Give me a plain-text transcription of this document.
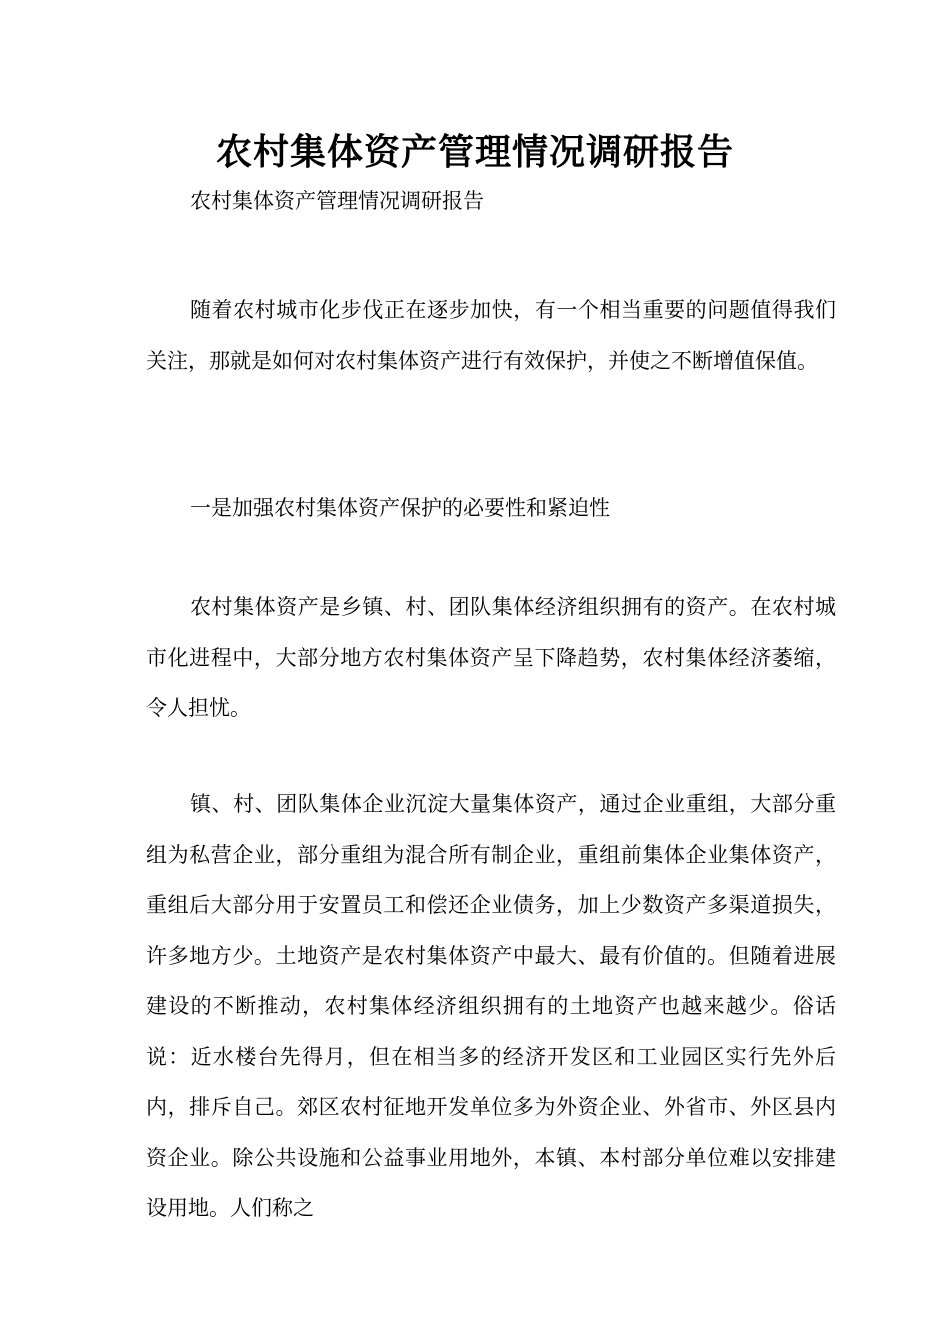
农村集体资产管理情况调研报告

农村集体资产管理情况调研报告

随着农村城市化步伐正在逐步加快，有一个相当重要的问题值得我们关注，那就是如何对农村集体资产进行有效保护，并使之不断增值保值。

一是加强农村集体资产保护的必要性和紧迫性

农村集体资产是乡镇、村、团队集体经济组织拥有的资产。在农村城市化进程中，大部分地方农村集体资产呈下降趋势，农村集体经济萎缩，令人担忧。

镇、村、团队集体企业沉淀大量集体资产，通过企业重组，大部分重组为私营企业，部分重组为混合所有制企业，重组前集体企业集体资产，重组后大部分用于安置员工和偿还企业债务，加上少数资产多渠道损失，许多地方少。土地资产是农村集体资产中最大、最有价值的。但随着进展建设的不断推动，农村集体经济组织拥有的土地资产也越来越少。俗话说：近水楼台先得月，但在相当多的经济开发区和工业园区实行先外后内，排斥自己。郊区农村征地开发单位多为外资企业、外省市、外区县内资企业。除公共设施和公益事业用地外，本镇、本村部分单位难以安排建设用地。人们称之
